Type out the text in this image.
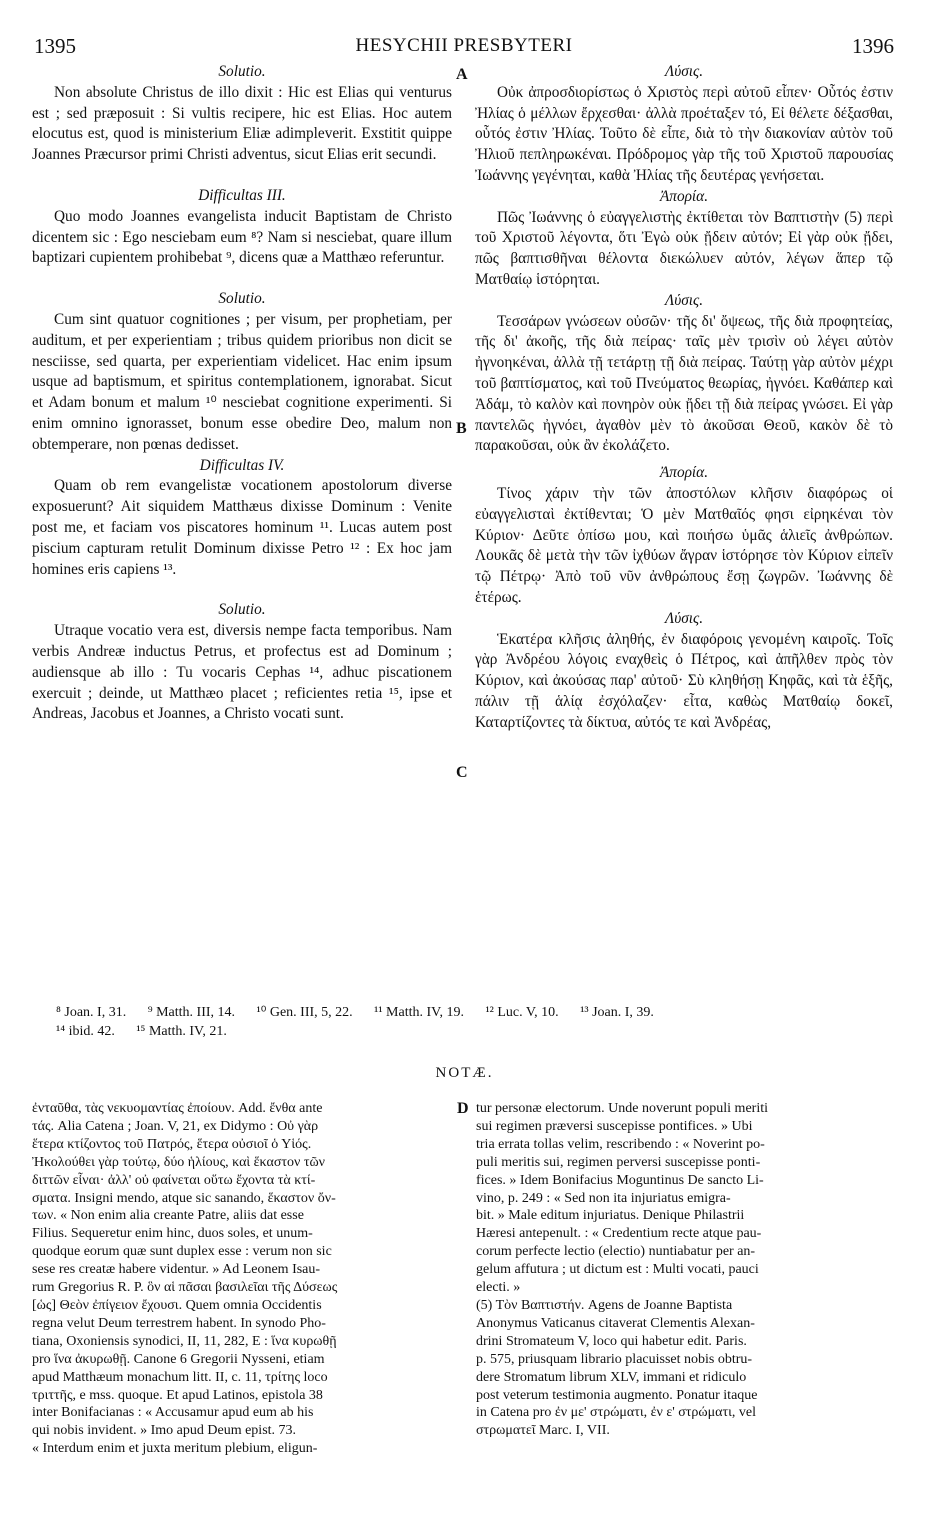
1395	HESYCHII PRESBYTERI	1396

Solutio.

Non absolute Christus de illo dixit : Hic est Elias qui venturus est ; sed præposuit : Si vultis recipere, hic est Elias. Hoc autem elocutus est, quod is ministerium Eliæ adimpleverit. Exstitit quippe Joannes Præcursor primi Christi adventus, sicut Elias erit secundi.

Difficultas III.

Quo modo Joannes evangelista inducit Baptistam de Christo dicentem sic : Ego nesciebam eum ⁸? Nam si nesciebat, quare illum baptizari cupientem prohibebat ⁹, dicens quæ a Matthæo referuntur.

Solutio.

Cum sint quatuor cognitiones ; per visum, per prophetiam, per auditum, et per experientiam ; tribus quidem prioribus non dicit se nesciisse, sed quarta, per experientiam videlicet. Hac enim ipsum usque ad baptismum, et spiritus contemplationem, ignorabat. Sicut et Adam bonum et malum ¹⁰ nesciebat cognitione experimenti. Si enim omnino ignorasset, bonum esse obedire Deo, malum non obtemperare, non pœnas dedisset.

Difficultas IV.

Quam ob rem evangelistæ vocationem apostolorum diverse exposuerunt? Ait siquidem Matthæus dixisse Dominum : Venite post me, et faciam vos piscatores hominum ¹¹. Lucas autem post piscium capturam retulit Dominum dixisse Petro ¹² : Ex hoc jam homines eris capiens ¹³.

Solutio.

Utraque vocatio vera est, diversis nempe facta temporibus. Nam verbis Andreæ inductus Petrus, et profectus est ad Dominum ; audiensque ab illo : Tu vocaris Cephas ¹⁴, adhuc piscationem exercuit ; deinde, ut Matthæo placet ; reficientes retia ¹⁵, ipse et Andreas, Jacobus et Joannes, a Christo vocati sunt.

A
B
C

Λύσις.

Οὐκ ἀπροσδιορίστως ὁ Χριστὸς περὶ αὐτοῦ εἶπεν· Οὗτός ἐστιν Ἠλίας ὁ μέλλων ἔρχεσθαι· ἀλλὰ προέταξεν τό, Εἰ θέλετε δέξασθαι, οὗτός ἐστιν Ἠλίας. Τοῦτο δὲ εἶπε, διὰ τὸ τὴν διακονίαν αὐτὸν τοῦ Ἠλιοῦ πεπληρωκέναι. Πρόδρομος γὰρ τῆς τοῦ Χριστοῦ παρουσίας Ἰωάννης γεγένηται, καθὰ Ἠλίας τῆς δευτέρας γενήσεται.

Ἀπορία.

Πῶς Ἰωάννης ὁ εὐαγγελιστὴς ἐκτίθεται τὸν Βαπτιστὴν (5) περὶ τοῦ Χριστοῦ λέγοντα, ὅτι Ἐγὼ οὐκ ᾔδειν αὐτόν; Εἰ γὰρ οὐκ ᾔδει, πῶς βαπτισθῆναι θέλοντα διεκώλυεν αὐτόν, λέγων ἅπερ τῷ Ματθαίῳ ἱστόρηται.

Λύσις.

Τεσσάρων γνώσεων οὐσῶν· τῆς δι' ὄψεως, τῆς διὰ προφητείας, τῆς δι' ἀκοῆς, τῆς διὰ πείρας· ταῖς μὲν τρισὶν οὐ λέγει αὐτὸν ἠγνοηκέναι, ἀλλὰ τῇ τετάρτῃ τῇ διὰ πείρας. Ταύτῃ γὰρ αὐτὸν μέχρι τοῦ βαπτίσματος, καὶ τοῦ Πνεύματος θεωρίας, ἠγνόει. Καθάπερ καὶ Ἀδάμ, τὸ καλὸν καὶ πονηρὸν οὐκ ᾔδει τῇ διὰ πείρας γνώσει. Εἰ γὰρ παντελῶς ἠγνόει, ἀγαθὸν μὲν τὸ ἀκοῦσαι Θεοῦ, κακὸν δὲ τὸ παρακοῦσαι, οὐκ ἂν ἐκολάζετο.

Ἀπορία.

Τίνος χάριν τὴν τῶν ἀποστόλων κλῆσιν διαφόρως οἱ εὐαγγελισταὶ ἐκτίθενται; Ὁ μὲν Ματθαῖός φησι εἰρηκέναι τὸν Κύριον· Δεῦτε ὀπίσω μου, καὶ ποιήσω ὑμᾶς ἁλιεῖς ἀνθρώπων. Λουκᾶς δὲ μετὰ τὴν τῶν ἰχθύων ἄγραν ἱστόρησε τὸν Κύριον εἰπεῖν τῷ Πέτρῳ· Ἀπὸ τοῦ νῦν ἀνθρώπους ἔσῃ ζωγρῶν. Ἰωάννης δὲ ἑτέρως.

Λύσις.

Ἑκατέρα κλῆσις ἀληθής, ἐν διαφόροις γενομένη καιροῖς. Τοῖς γὰρ Ἀνδρέου λόγοις εναχθεὶς ὁ Πέτρος, καὶ ἀπῆλθεν πρὸς τὸν Κύριον, καὶ ἀκούσας παρ' αὐτοῦ· Σὺ κληθήσῃ Κηφᾶς, καὶ τὰ ἑξῆς, πάλιν τῇ ἁλίᾳ ἐσχόλαζεν· εἶτα, καθὼς Ματθαίῳ δοκεῖ, Καταρτίζοντες τὰ δίκτυα, αὐτός τε καὶ Ἀνδρέας,

⁸ Joan. I, 31. ⁹ Matth. III, 14. ¹⁰ Gen. III, 5, 22. ¹¹ Matth. IV, 19. ¹² Luc. V, 10. ¹³ Joan. I, 39.
¹⁴ ibid. 42. ¹⁵ Matth. IV, 21.
NOTÆ.
ἐνταῦθα, τὰς νεκυομαντίας ἐποίουν. Add. ἔνθα ante
τάς. Alia Catena ; Joan. V, 21, ex Didymo : Οὐ γὰρ
ἕτερα κτίζοντος τοῦ Πατρός, ἕτερα οὐσιοῖ ὁ Υἱός.
Ἠκολούθει γὰρ τούτῳ, δύο ἡλίους, καὶ ἕκαστον τῶν
διττῶν εἶναι· ἀλλ' οὐ φαίνεται οὕτω ἔχοντα τὰ κτί-
σματα. Insigni mendo, atque sic sanando, ἕκαστον ὄν-
των. « Non enim alia creante Patre, aliis dat esse
Filius. Sequeretur enim hinc, duos soles, et unum-
quodque eorum quæ sunt duplex esse : verum non sic
sese res creatæ habere videntur. » Ad Leonem Isau-
rum Gregorius R. P. ὃν αἱ πᾶσαι βασιλεῖαι τῆς Δύσεως
[ὡς] Θεὸν ἐπίγειον ἔχουσι. Quem omnia Occidentis
regna velut Deum terrestrem habent. In synodo Pho-
tiana, Oxoniensis synodici, II, 11, 282, E : ἵνα κυρωθῇ
pro ἵνα ἀκυρωθῇ. Canone 6 Gregorii Nysseni, etiam
apud Matthæum monachum litt. II, c. 11, τρίτης loco
τριττῆς, e mss. quoque. Et apud Latinos, epistola 38
inter Bonifacianas : « Accusamur apud eum ab his
qui nobis invident. » Imo apud Deum epist. 73.
« Interdum enim et juxta meritum plebium, eligun-
D tur personæ electorum. Unde noverunt populi meriti
sui regimen præversi suscepisse pontifices. » Ubi
tria errata tollas velim, rescribendo : « Noverint po-
puli meritis sui, regimen perversi suscepisse ponti-
fices. » Idem Bonifacius Moguntinus De sancto Li-
vino, p. 249 : « Sed non ita injuriatus emigra-
bit. » Male editum injuriatus. Denique Philastrii
Hæresi antepenult. : « Credentium recte atque pau-
corum perfecte lectio (electio) nuntiabatur per an-
gelum affutura ; ut dictum est : Multi vocati, pauci
electi. »
(5) Τὸν Βαπτιστήν. Agens de Joanne Baptista
Anonymus Vaticanus citaverat Clementis Alexan-
drini Stromateum V, loco qui habetur edit. Paris.
p. 575, priusquam librario placuisset nobis obtru-
dere Stromatum librum XLV, immani et ridiculo
post veterum testimonia augmento. Ponatur itaque
in Catena pro ἐν με' στρώματι, ἐν ε' στρώματι, vel
στρωματεῖ Marc. I, VII.
